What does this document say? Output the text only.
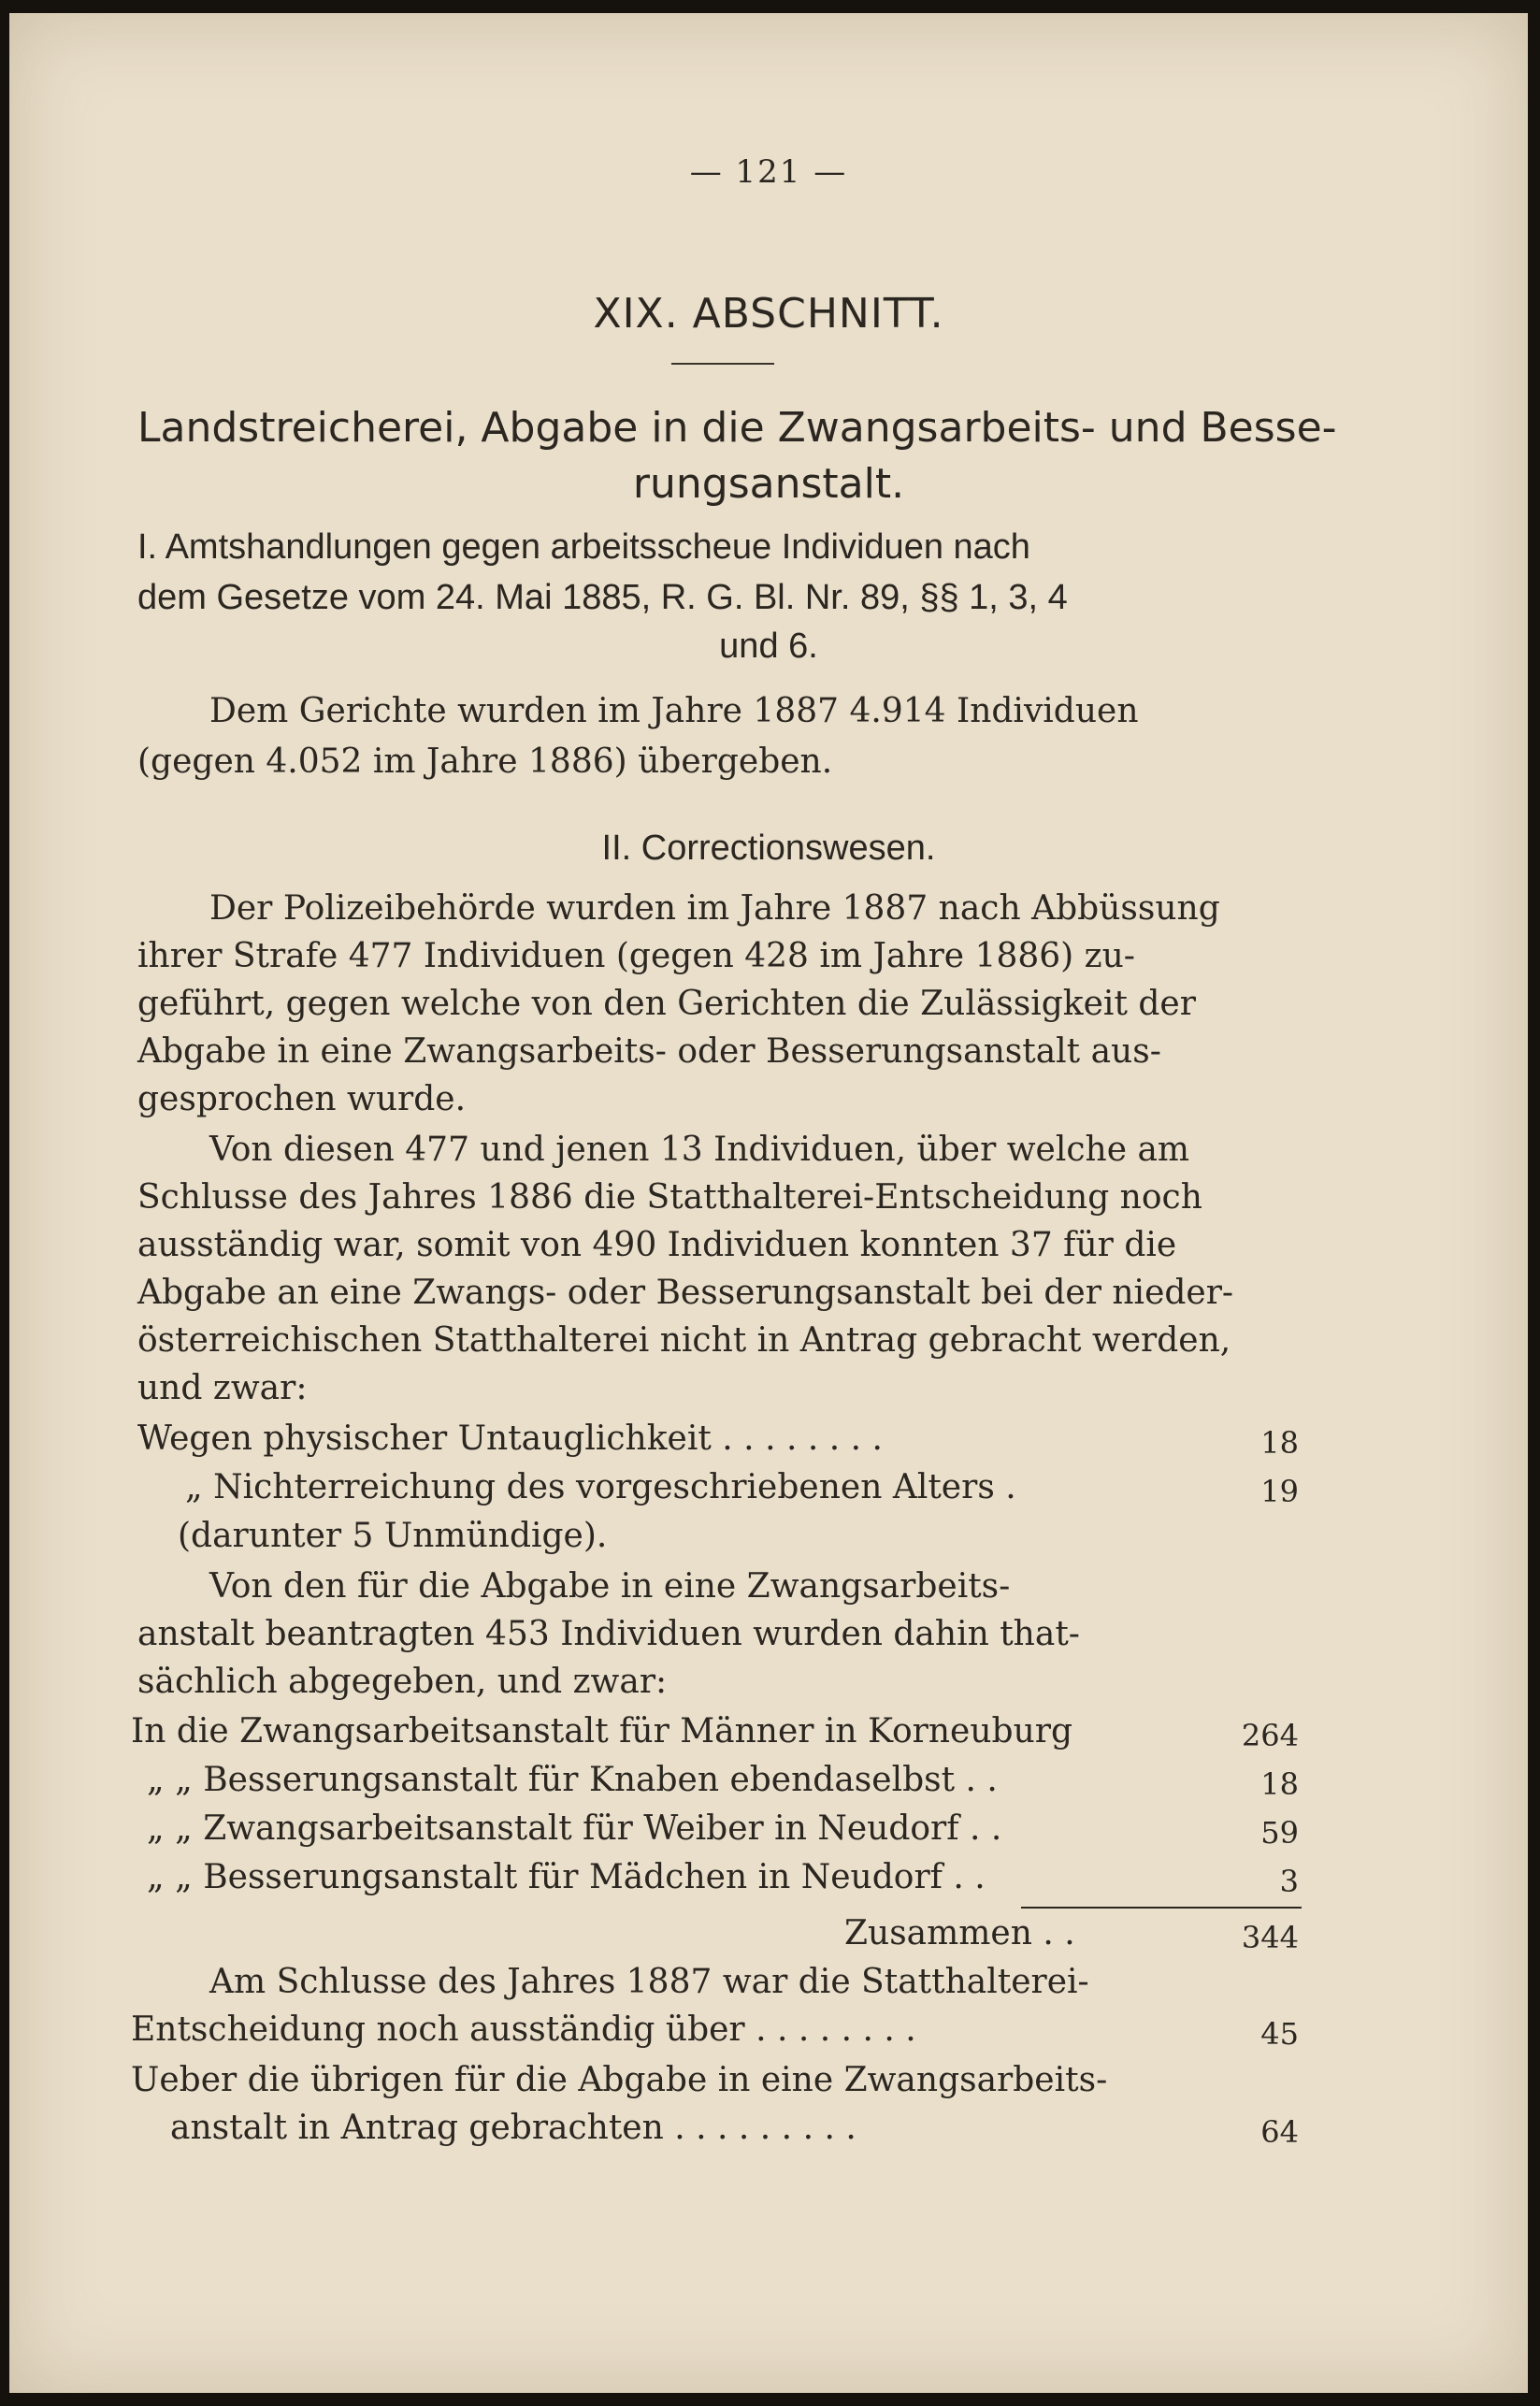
— 121 —
XIX. ABSCHNITT.
Landstreicherei, Abgabe in die Zwangsarbeits- und Besse-
rungsanstalt.
I. Amtshandlungen gegen arbeitsscheue Individuen nach
dem Gesetze vom 24. Mai 1885, R. G. Bl. Nr. 89, §§ 1, 3, 4
und 6.
Dem Gerichte wurden im Jahre 1887 4.914 Individuen
(gegen 4.052 im Jahre 1886) übergeben.
II. Correctionswesen.
Der Polizeibehörde wurden im Jahre 1887 nach Abbüssung
ihrer Strafe 477 Individuen (gegen 428 im Jahre 1886) zu-
geführt, gegen welche von den Gerichten die Zulässigkeit der
Abgabe in eine Zwangsarbeits- oder Besserungsanstalt aus-
gesprochen wurde.
Von diesen 477 und jenen 13 Individuen, über welche am
Schlusse des Jahres 1886 die Statthalterei-Entscheidung noch
ausständig war, somit von 490 Individuen konnten 37 für die
Abgabe an eine Zwangs- oder Besserungsanstalt bei der nieder-
österreichischen Statthalterei nicht in Antrag gebracht werden,
und zwar:
Wegen physischer Untauglichkeit . . . . . . . .	18
„ Nichterreichung des vorgeschriebenen Alters .	19
(darunter 5 Unmündige).
Von den für die Abgabe in eine Zwangsarbeits-
anstalt beantragten 453 Individuen wurden dahin that-
sächlich abgegeben, und zwar:
In die Zwangsarbeitsanstalt für Männer in Korneuburg	264
„ „ Besserungsanstalt für Knaben ebendaselbst . .	18
„ „ Zwangsarbeitsanstalt für Weiber in Neudorf . .	59
„ „ Besserungsanstalt für Mädchen in Neudorf . .	3
Zusammen . .	344
Am Schlusse des Jahres 1887 war die Statthalterei-
Entscheidung noch ausständig über . . . . . . . .	45
Ueber die übrigen für die Abgabe in eine Zwangsarbeits-
anstalt in Antrag gebrachten . . . . . . . . .	64
